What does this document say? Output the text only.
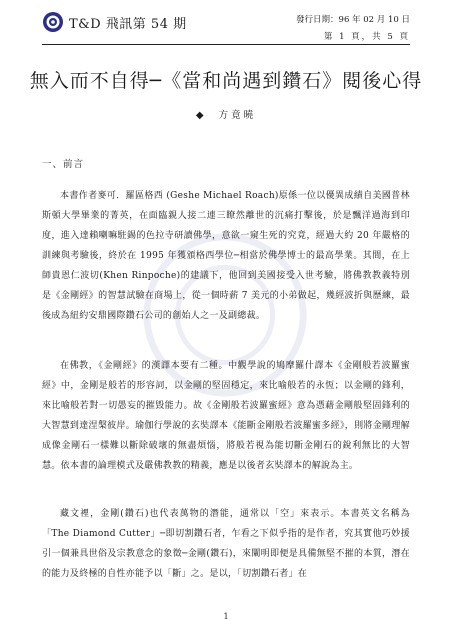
T&D 飛訊第 54 期	發行日期：96 年 02 月 10 日
第 1 頁，共 5 頁
無入而不自得─《當和尚遇到鑽石》閱後心得
◆ 方竟曉
一、前言
本書作者麥可．羅區格西 (Geshe Michael Roach)原係一位以優異成績自美國普林斯頓大學畢業的菁英，在面臨親人接二連三瞭然離世的沉痛打擊後，於是飄洋過海到印度，進入達賴喇嘛駐錫的色拉寺研讀佛學，意欲一窺生死的究竟，經過大約 20 年嚴格的訓練與考驗後，終於在 1995 年獲頒格西學位─相當於佛學博士的最高學業。其間，在上師貴恩仁波切(Khen Rinpoche)的建議下，他回到美國接受入世考驗，將佛教教義特別是《金剛經》的智慧試驗在商場上，從一個時薪 7 美元的小弟做起，幾經波折與歷練，最後成為紐約安鼎國際鑽石公司的創始人之一及副總裁。
在佛教，《金剛經》的漢譯本要有二種。中觀學說的鳩摩羅什譯本《金剛般若波羅蜜經》中，金剛是般若的形容詞，以金剛的堅固穩定，來比喻般若的永恆；以金剛的鋒利，來比喻般若對一切愚妄的摧毀能力。故《金剛般若波羅蜜經》意為憑藉金剛般堅固鋒利的大智慧到達涅槃彼岸。瑜伽行學說的玄奘譯本《能斷金剛般若波羅蜜多經》，則將金剛理解成像金剛石一樣難以斷除破壞的無盡煩惱，將般若視為能切斷金剛石的銳利無比的大智慧。依本書的論理模式及嚴佛教教的精義，應是以後者玄奘譯本的解說為主。
藏文裡，金剛(鑽石)也代表萬物的潛能，通常以「空」來表示。本書英文名稱為「The Diamond Cutter」─即切割鑽石者，乍看之下似乎指的是作者，究其實他巧妙援引一個兼具世俗及宗教意念的象徵─金剛(鑽石)，來闡明即便是具備無堅不摧的本質，潛在的能力及終極的自性亦能予以「斷」之。是以，「切割鑽石者」在
1
